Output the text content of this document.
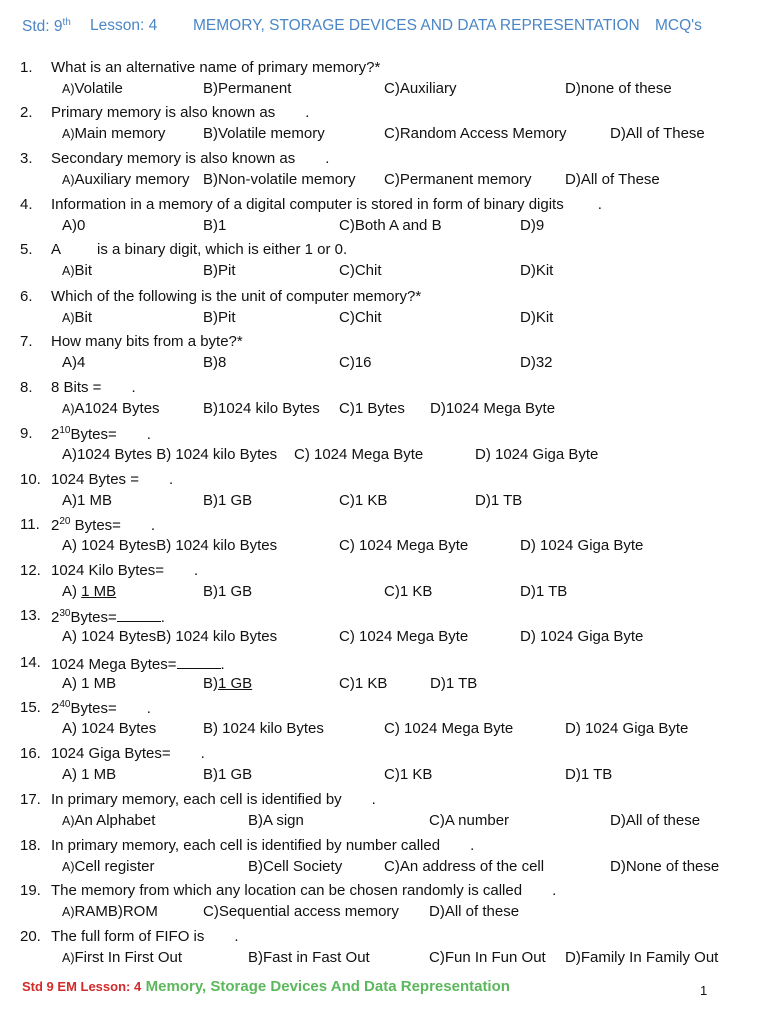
Std: 9th Lesson: 4 MEMORY, STORAGE DEVICES AND DATA REPRESENTATION MCQ's
1. What is an alternative name of primary memory?*
A)Volatile	B)Permanent	C)Auxiliary	D)none of these
2. Primary memory is also known as .
A)Main memory	B)Volatile memory	C)Random Access Memory	D)All of These
3. Secondary memory is also known as .
A)Auxiliary memory B)Non-volatile memory C)Permanent memory D)All of These
4. Information in a memory of a digital computer is stored in form of binary digits .
A)0	B)1	C)Both A and B	D)9
5. A is a binary digit, which is either 1 or 0.
A)Bit	B)Pit	C)Chit	D)Kit
6. Which of the following is the unit of computer memory?*
A)Bit	B)Pit	C)Chit	D)Kit
7. How many bits from a byte?*
A)4	B)8	C)16	D)32
8. 8 Bits = .
A)A1024 Bytes	B)1024 kilo Bytes C)1 Bytes D)1024 Mega Byte
9. $2^{10}Bytes=$ .
A)1024 Bytes B) 1024 kilo Bytes C) 1024 Mega Byte	D) 1024 Giga Byte
10. 1024 Bytes = .
A)1 MB	B)1 GB	C)1 KB	D)1 TB
11. $2^{20}$ Bytes= .
A) 1024 BytesB) 1024 kilo Bytes	C) 1024 Mega Byte	D) 1024 Giga Byte
12. 1024 Kilo Bytes= .
A) 1 MB	B)1 GB	C)1 KB	D)1 TB
13. $2^{30}Bytes=$	.
A) 1024 BytesB) 1024 kilo Bytes	C) 1024 Mega Byte	D) 1024 Giga Byte
14. 1024 Mega Bytes=	.
A) 1 MB	B)1 GB	C)1 KB	D)1 TB
15. $2^{40}Bytes=$ .
A) 1024 Bytes	B) 1024 kilo Bytes	C) 1024 Mega Byte	D) 1024 Giga Byte
16. 1024 Giga Bytes= .
A) 1 MB	B)1 GB	C)1 KB	D)1 TB
17. In primary memory, each cell is identified by .
A)An Alphabet	B)A sign	C)A number	D)All of these
18. In primary memory, each cell is identified by number called .
A)Cell register	B)Cell Society	C)An address of the cell	D)None of these
19. The memory from which any location can be chosen randomly is called .
A)RAMB)ROM	C)Sequential access memory D)All of these
20. The full form of FIFO is .
A)First In First Out	B)Fast in Fast Out	C)Fun In Fun Out D)Family In Family Out
Std 9 EM Lesson: 4 Memory, Storage Devices And Data Representation	1
